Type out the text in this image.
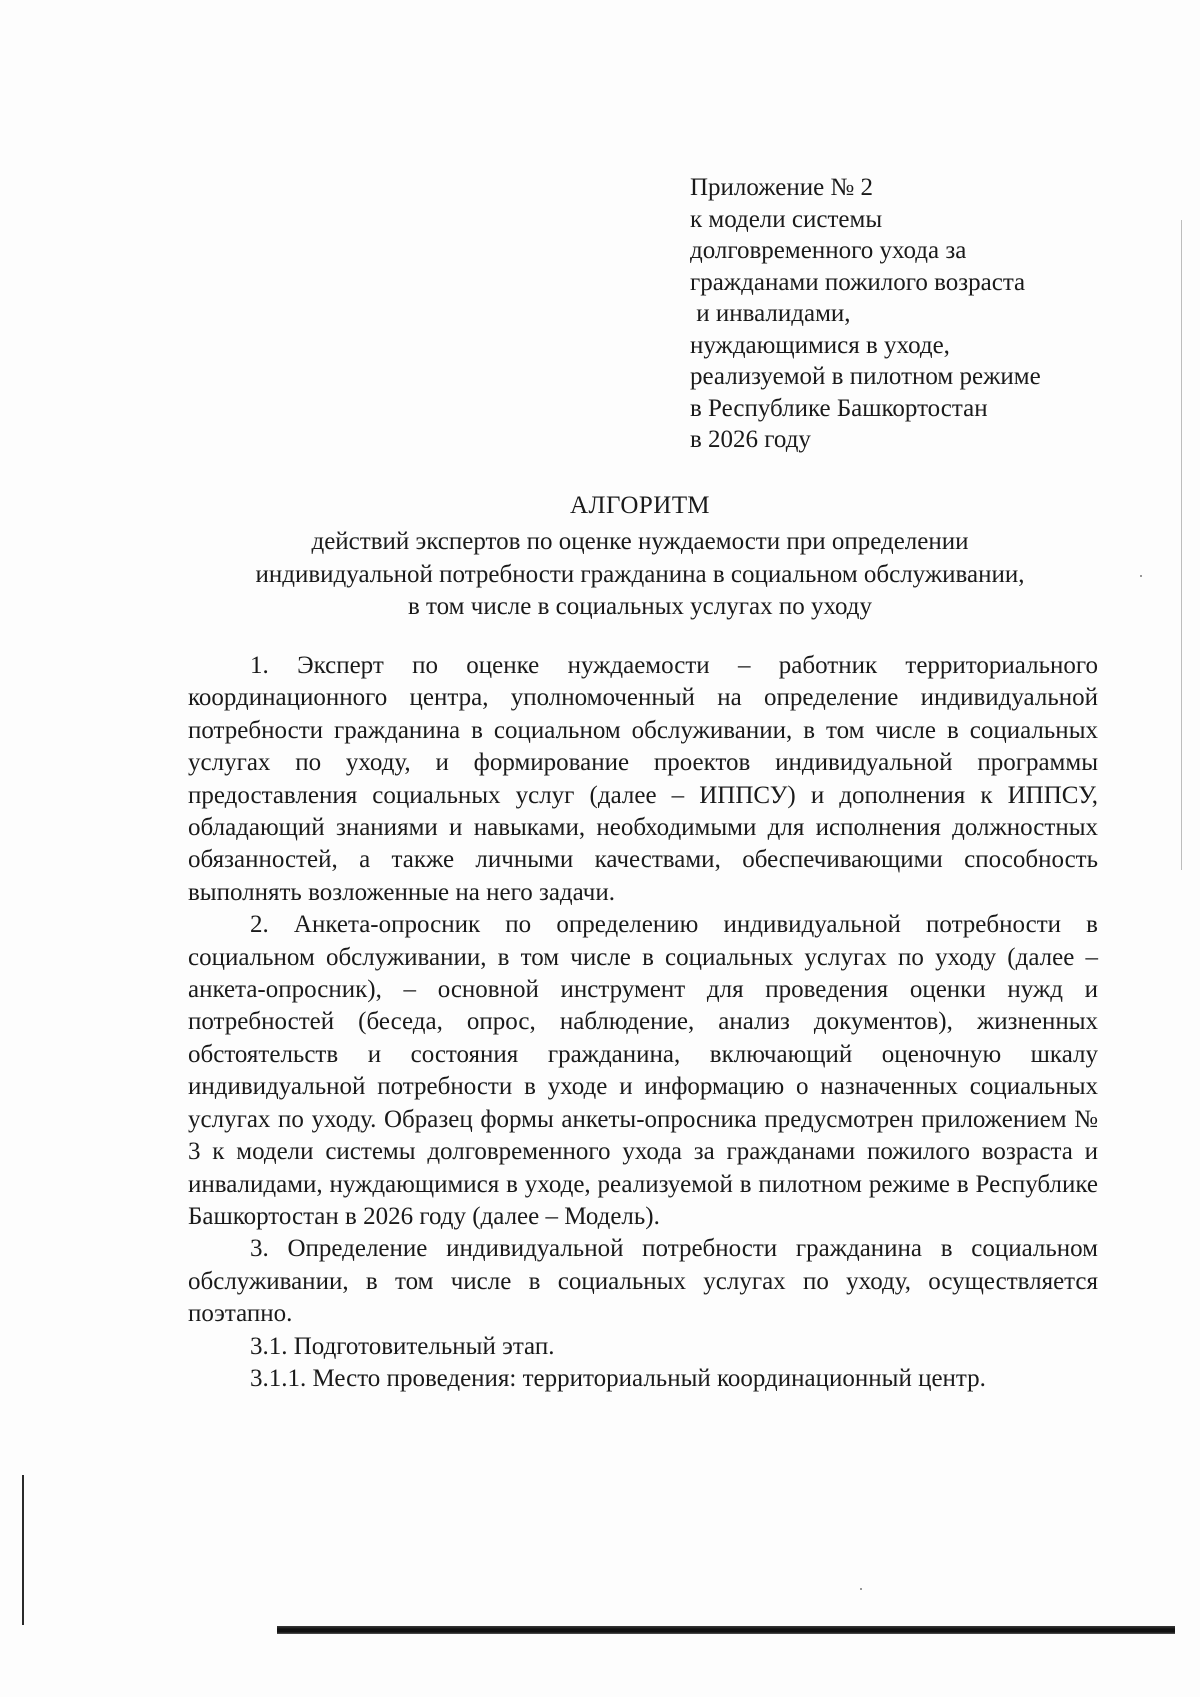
Приложение № 2
к модели системы
долговременного ухода за
гражданами пожилого возраста
и инвалидами,
нуждающимися в уходе,
реализуемой в пилотном режиме
в Республике Башкортостан
в 2026 году
АЛГОРИТМ
действий экспертов по оценке нуждаемости при определении
индивидуальной потребности гражданина в социальном обслуживании,
в том числе в социальных услугах по уходу

1. Эксперт по оценке нуждаемости – работник территориального координационного центра, уполномоченный на определение индивидуальной потребности гражданина в социальном обслуживании, в том числе в социальных услугах по уходу, и формирование проектов индивидуальной программы предоставления социальных услуг (далее – ИППСУ) и дополнения к ИППСУ, обладающий знаниями и навыками, необходимыми для исполнения должностных обязанностей, а также личными качествами, обеспечивающими способность выполнять возложенные на него задачи.

2. Анкета-опросник по определению индивидуальной потребности в социальном обслуживании, в том числе в социальных услугах по уходу (далее – анкета-опросник), – основной инструмент для проведения оценки нужд и потребностей (беседа, опрос, наблюдение, анализ документов), жизненных обстоятельств и состояния гражданина, включающий оценочную шкалу индивидуальной потребности в уходе и информацию о назначенных социальных услугах по уходу. Образец формы анкеты-опросника предусмотрен приложением № 3 к модели системы долговременного ухода за гражданами пожилого возраста и инвалидами, нуждающимися в уходе, реализуемой в пилотном режиме в Республике Башкортостан в 2026 году (далее – Модель).

3. Определение индивидуальной потребности гражданина в социальном обслуживании, в том числе в социальных услугах по уходу, осуществляется поэтапно.

3.1. Подготовительный этап.

3.1.1. Место проведения: территориальный координационный центр.
